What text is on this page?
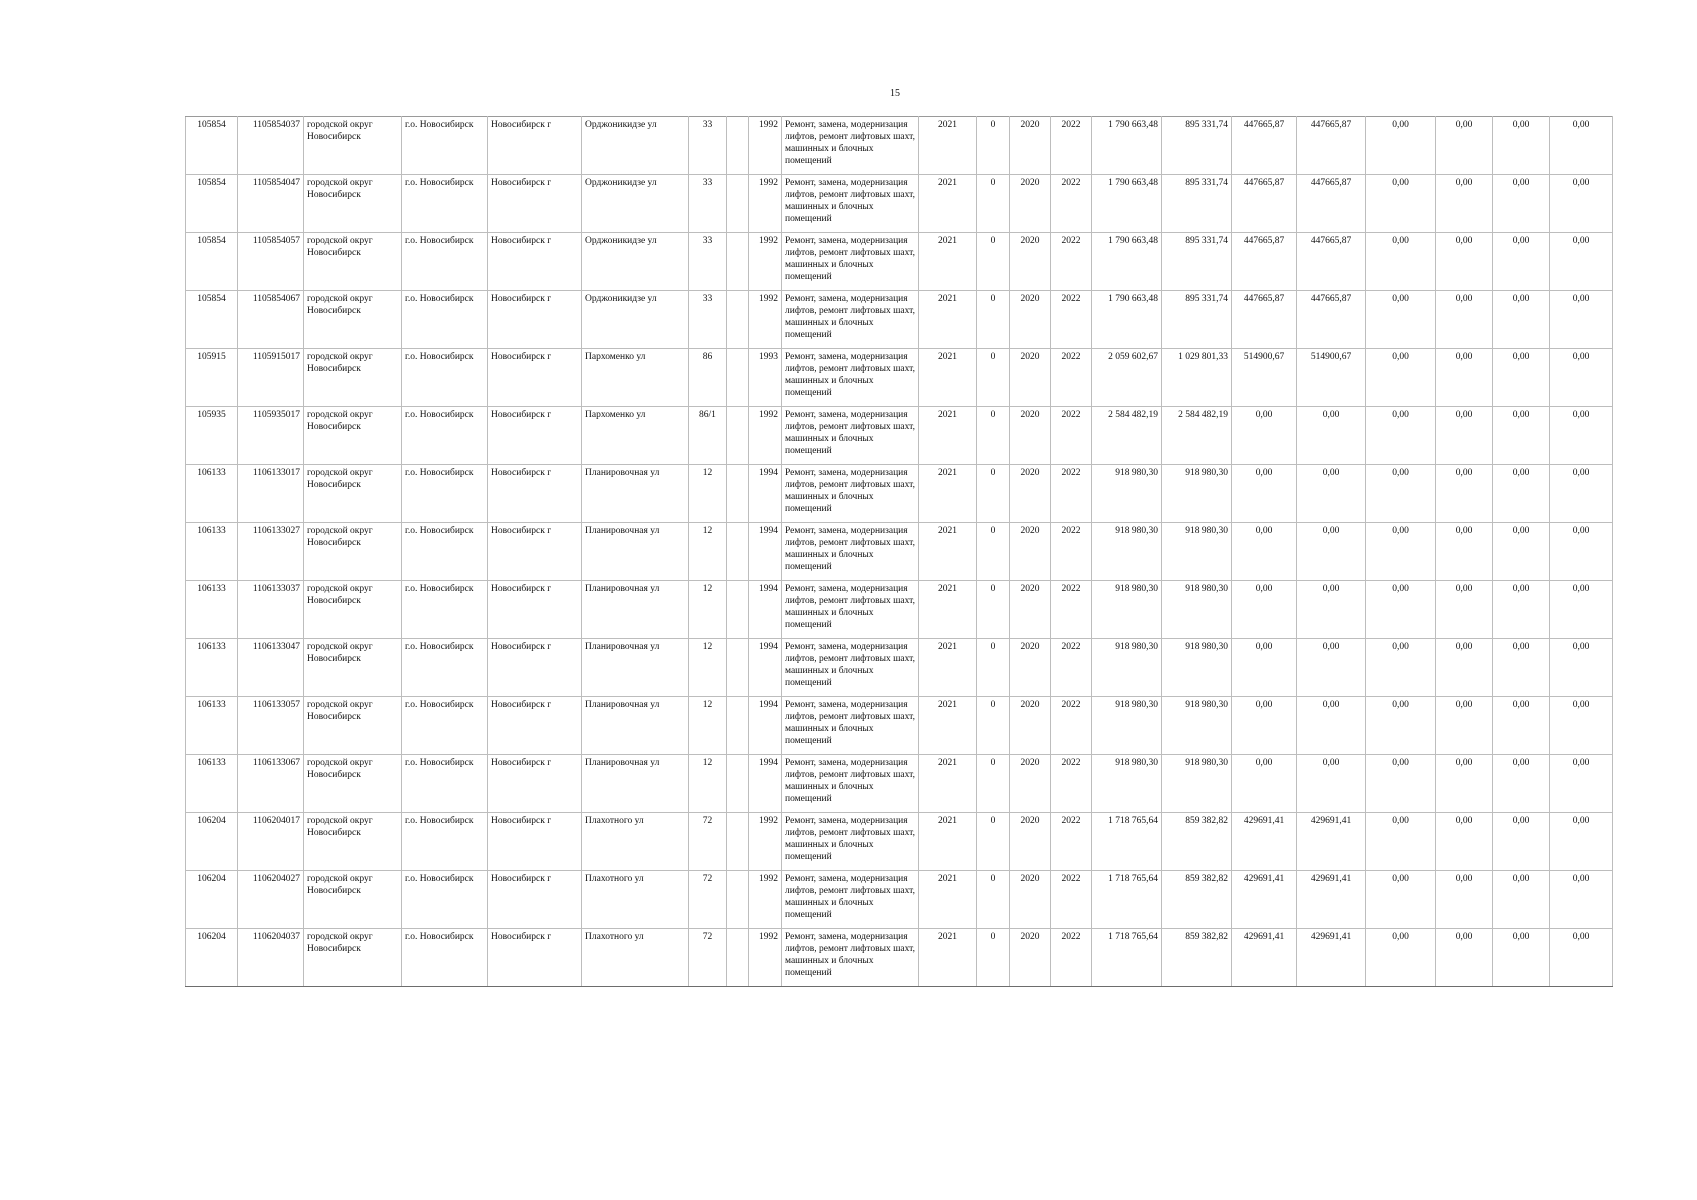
15
105854	1105854037	городской округ Новосибирск	г.о. Новосибирск	Новосибирск г	Орджоникидзе ул	33		1992	Ремонт, замена, модернизация лифтов, ремонт лифтовых шахт, машинных и блочных помещений	2021	0	2020	2022	1 790 663,48	895 331,74	447665,87	447665,87	0,00	0,00	0,00	0,00
105854	1105854047	городской округ Новосибирск	г.о. Новосибирск	Новосибирск г	Орджоникидзе ул	33		1992	Ремонт, замена, модернизация лифтов, ремонт лифтовых шахт, машинных и блочных помещений	2021	0	2020	2022	1 790 663,48	895 331,74	447665,87	447665,87	0,00	0,00	0,00	0,00
105854	1105854057	городской округ Новосибирск	г.о. Новосибирск	Новосибирск г	Орджоникидзе ул	33		1992	Ремонт, замена, модернизация лифтов, ремонт лифтовых шахт, машинных и блочных помещений	2021	0	2020	2022	1 790 663,48	895 331,74	447665,87	447665,87	0,00	0,00	0,00	0,00
105854	1105854067	городской округ Новосибирск	г.о. Новосибирск	Новосибирск г	Орджоникидзе ул	33		1992	Ремонт, замена, модернизация лифтов, ремонт лифтовых шахт, машинных и блочных помещений	2021	0	2020	2022	1 790 663,48	895 331,74	447665,87	447665,87	0,00	0,00	0,00	0,00
105915	1105915017	городской округ Новосибирск	г.о. Новосибирск	Новосибирск г	Пархоменко ул	86		1993	Ремонт, замена, модернизация лифтов, ремонт лифтовых шахт, машинных и блочных помещений	2021	0	2020	2022	2 059 602,67	1 029 801,33	514900,67	514900,67	0,00	0,00	0,00	0,00
105935	1105935017	городской округ Новосибирск	г.о. Новосибирск	Новосибирск г	Пархоменко ул	86/1		1992	Ремонт, замена, модернизация лифтов, ремонт лифтовых шахт, машинных и блочных помещений	2021	0	2020	2022	2 584 482,19	2 584 482,19	0,00	0,00	0,00	0,00	0,00	0,00
106133	1106133017	городской округ Новосибирск	г.о. Новосибирск	Новосибирск г	Планировочная ул	12		1994	Ремонт, замена, модернизация лифтов, ремонт лифтовых шахт, машинных и блочных помещений	2021	0	2020	2022	918 980,30	918 980,30	0,00	0,00	0,00	0,00	0,00	0,00
106133	1106133027	городской округ Новосибирск	г.о. Новосибирск	Новосибирск г	Планировочная ул	12		1994	Ремонт, замена, модернизация лифтов, ремонт лифтовых шахт, машинных и блочных помещений	2021	0	2020	2022	918 980,30	918 980,30	0,00	0,00	0,00	0,00	0,00	0,00
106133	1106133037	городской округ Новосибирск	г.о. Новосибирск	Новосибирск г	Планировочная ул	12		1994	Ремонт, замена, модернизация лифтов, ремонт лифтовых шахт, машинных и блочных помещений	2021	0	2020	2022	918 980,30	918 980,30	0,00	0,00	0,00	0,00	0,00	0,00
106133	1106133047	городской округ Новосибирск	г.о. Новосибирск	Новосибирск г	Планировочная ул	12		1994	Ремонт, замена, модернизация лифтов, ремонт лифтовых шахт, машинных и блочных помещений	2021	0	2020	2022	918 980,30	918 980,30	0,00	0,00	0,00	0,00	0,00	0,00
106133	1106133057	городской округ Новосибирск	г.о. Новосибирск	Новосибирск г	Планировочная ул	12		1994	Ремонт, замена, модернизация лифтов, ремонт лифтовых шахт, машинных и блочных помещений	2021	0	2020	2022	918 980,30	918 980,30	0,00	0,00	0,00	0,00	0,00	0,00
106133	1106133067	городской округ Новосибирск	г.о. Новосибирск	Новосибирск г	Планировочная ул	12		1994	Ремонт, замена, модернизация лифтов, ремонт лифтовых шахт, машинных и блочных помещений	2021	0	2020	2022	918 980,30	918 980,30	0,00	0,00	0,00	0,00	0,00	0,00
106204	1106204017	городской округ Новосибирск	г.о. Новосибирск	Новосибирск г	Плахотного ул	72		1992	Ремонт, замена, модернизация лифтов, ремонт лифтовых шахт, машинных и блочных помещений	2021	0	2020	2022	1 718 765,64	859 382,82	429691,41	429691,41	0,00	0,00	0,00	0,00
106204	1106204027	городской округ Новосибирск	г.о. Новосибирск	Новосибирск г	Плахотного ул	72		1992	Ремонт, замена, модернизация лифтов, ремонт лифтовых шахт, машинных и блочных помещений	2021	0	2020	2022	1 718 765,64	859 382,82	429691,41	429691,41	0,00	0,00	0,00	0,00
106204	1106204037	городской округ Новосибирск	г.о. Новосибирск	Новосибирск г	Плахотного ул	72		1992	Ремонт, замена, модернизация лифтов, ремонт лифтовых шахт, машинных и блочных помещений	2021	0	2020	2022	1 718 765,64	859 382,82	429691,41	429691,41	0,00	0,00	0,00	0,00
